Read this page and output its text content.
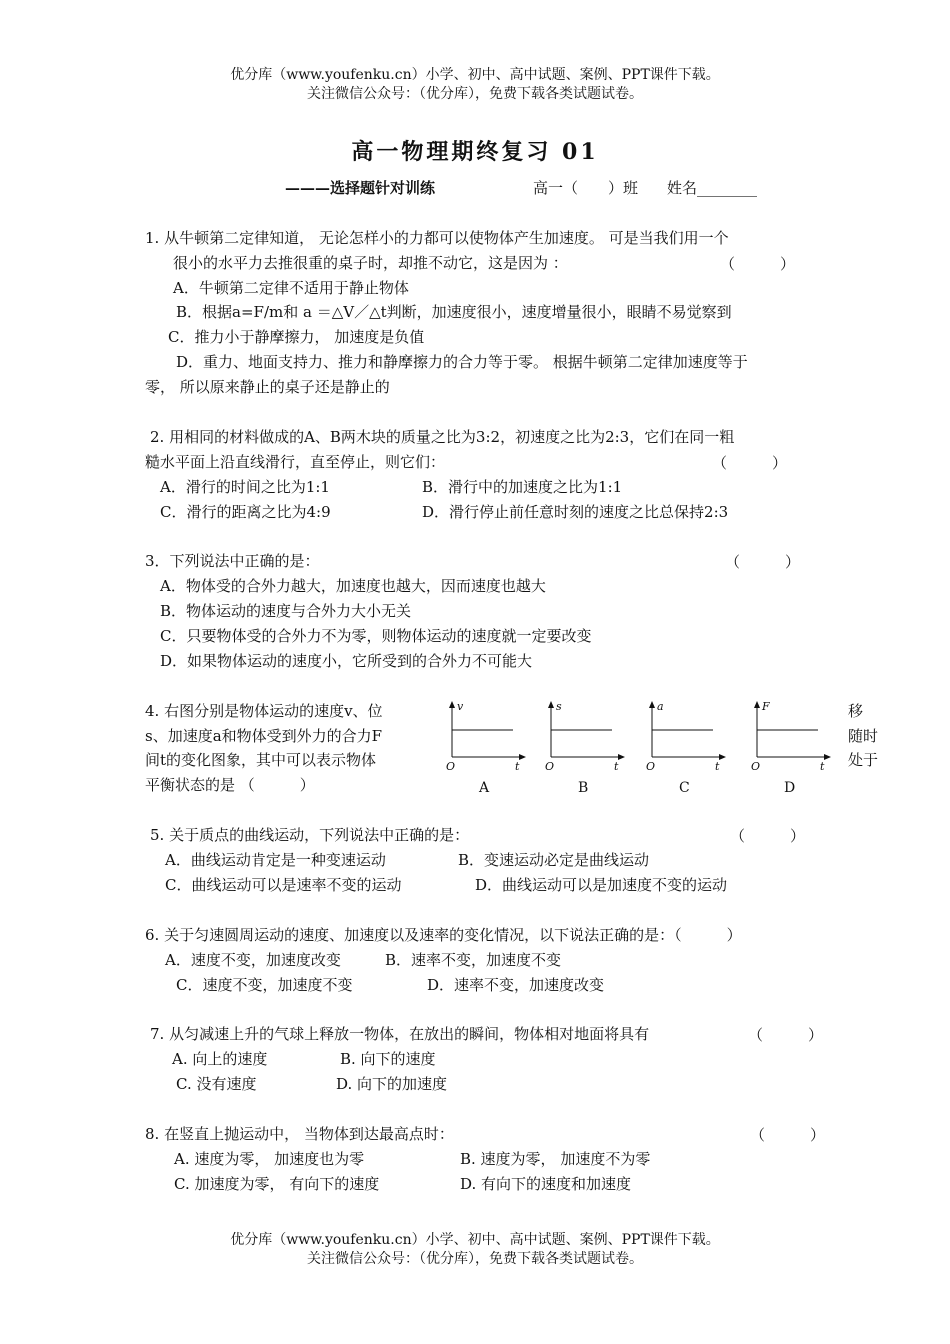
优分库（www.youfenku.cn）小学、初中、高中试题、案例、PPT课件下载。
关注微信公众号：（优分库），免费下载各类试题试卷。
高一物理期终复习 01
———选择题针对训练	高一（　　）班 姓名________
1. 从牛顿第二定律知道， 无论怎样小的力都可以使物体产生加速度。 可是当我们用一个
很小的水平力去推很重的桌子时，却推不动它，这是因为 ：	（　　　）
A．牛顿第二定律不适用于静止物体
B．根据a=F/m和 a ＝△V／△t判断，加速度很小，速度增量很小，眼睛不易觉察到
C．推力小于静摩擦力， 加速度是负值
D．重力、地面支持力、推力和静摩擦力的合力等于零。 根据牛顿第二定律加速度等于
零， 所以原来静止的桌子还是静止的
2. 用相同的材料做成的A、B两木块的质量之比为3:2，初速度之比为2:3，它们在同一粗
糙水平面上沿直线滑行，直至停止，则它们：	（　　　）
A．滑行的时间之比为1:1	B．滑行中的加速度之比为1:1
C．滑行的距离之比为4:9	D．滑行停止前任意时刻的速度之比总保持2:3
3．下列说法中正确的是：	（　　　）
A．物体受的合外力越大，加速度也越大，因而速度也越大
B．物体运动的速度与合外力大小无关
C．只要物体受的合外力不为零，则物体运动的速度就一定要改变
D．如果物体运动的速度小，它所受到的合外力不可能大
4. 右图分别是物体运动的速度v、位
s、加速度a和物体受到外力的合力F
间t的变化图象，其中可以表示物体
平衡状态的是 （　　　）
移
随时
处于
v
O	t
A
s
O	t
B
a
O	t
C
F
O	t
D
5. 关于质点的曲线运动，下列说法中正确的是：	（　　　）
A．曲线运动肯定是一种变速运动	B．变速运动必定是曲线运动
C．曲线运动可以是速率不变的运动	D．曲线运动可以是加速度不变的运动
6. 关于匀速圆周运动的速度、加速度以及速率的变化情况，以下说法正确的是：（　　　）
A．速度不变，加速度改变	B．速率不变，加速度不变
C．速度不变，加速度不变	D．速率不变，加速度改变
7. 从匀减速上升的气球上释放一物体，在放出的瞬间，物体相对地面将具有	（　　　）
A. 向上的速度	B. 向下的速度
C. 没有速度	D. 向下的加速度
8. 在竖直上抛运动中， 当物体到达最高点时：	（　　　）
A. 速度为零， 加速度也为零	B. 速度为零， 加速度不为零
C. 加速度为零， 有向下的速度	D. 有向下的速度和加速度
优分库（www.youfenku.cn）小学、初中、高中试题、案例、PPT课件下载。
关注微信公众号：（优分库），免费下载各类试题试卷。
